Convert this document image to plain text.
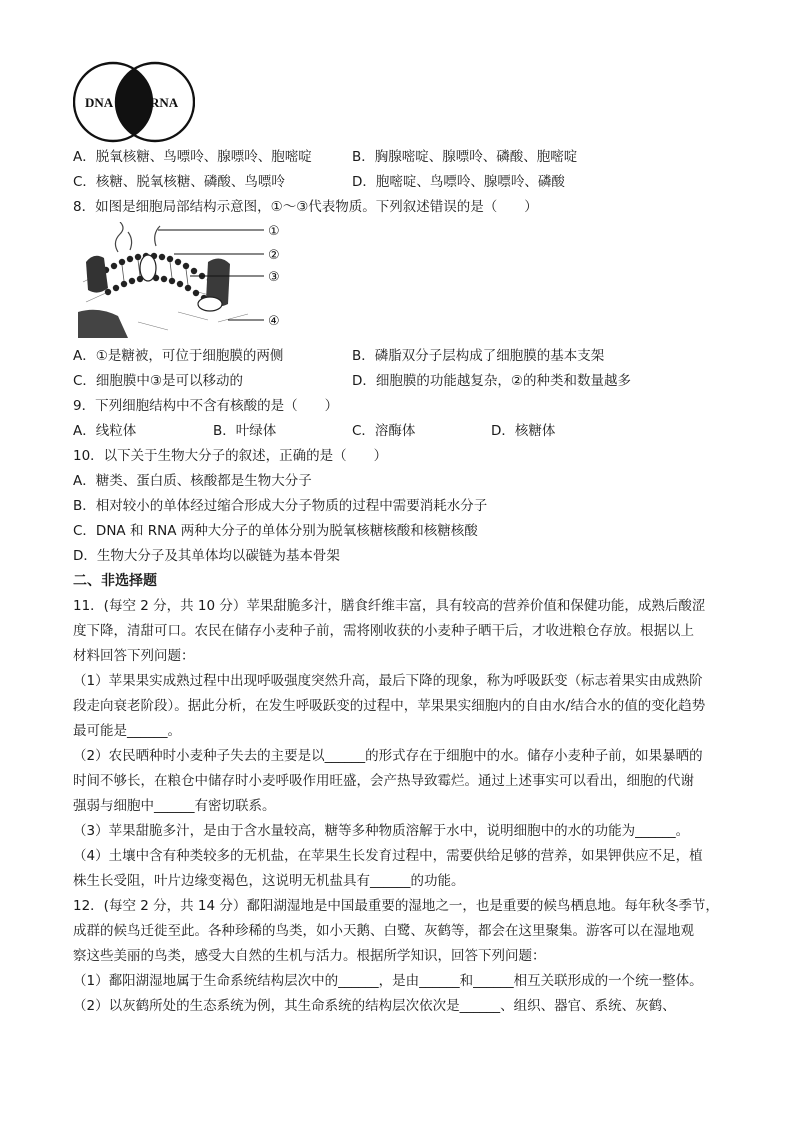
DNA	RNA
A．脱氧核糖、鸟嘌呤、腺嘌呤、胞嘧啶	B．胸腺嘧啶、腺嘌呤、磷酸、胞嘧啶
C．核糖、脱氧核糖、磷酸、鸟嘌呤	D．胞嘧啶、鸟嘌呤、腺嘌呤、磷酸
8．如图是细胞局部结构示意图，①～③代表物质。下列叙述错误的是（　　）
①
②
③
④
A．①是糖被，可位于细胞膜的两侧	B．磷脂双分子层构成了细胞膜的基本支架
C．细胞膜中③是可以移动的	D．细胞膜的功能越复杂，②的种类和数量越多
9．下列细胞结构中不含有核酸的是（　　）
A．线粒体	B．叶绿体	C．溶酶体	D．核糖体
10．以下关于生物大分子的叙述，正确的是（　　）
A．糖类、蛋白质、核酸都是生物大分子
B．相对较小的单体经过缩合形成大分子物质的过程中需要消耗水分子
C．DNA 和 RNA 两种大分子的单体分别为脱氧核糖核酸和核糖核酸
D．生物大分子及其单体均以碳链为基本骨架
二、非选择题
11．(每空 2 分，共 10 分）苹果甜脆多汁，膳食纤维丰富，具有较高的营养价值和保健功能，成熟后酸涩
度下降，清甜可口。农民在储存小麦种子前，需将刚收获的小麦种子晒干后，才收进粮仓存放。根据以上
材料回答下列问题：
（1）苹果果实成熟过程中出现呼吸强度突然升高，最后下降的现象，称为呼吸跃变（标志着果实由成熟阶
段走向衰老阶段）。据此分析，在发生呼吸跃变的过程中，苹果果实细胞内的自由水/结合水的值的变化趋势
最可能是______。
（2）农民晒种时小麦种子失去的主要是以______的形式存在于细胞中的水。储存小麦种子前，如果暴晒的
时间不够长，在粮仓中储存时小麦呼吸作用旺盛，会产热导致霉烂。通过上述事实可以看出，细胞的代谢
强弱与细胞中______有密切联系。
（3）苹果甜脆多汁，是由于含水量较高，糖等多种物质溶解于水中，说明细胞中的水的功能为______。
（4）土壤中含有种类较多的无机盐，在苹果生长发育过程中，需要供给足够的营养，如果钾供应不足，植
株生长受阻，叶片边缘变褐色，这说明无机盐具有______的功能。
12．(每空 2 分，共 14 分）鄱阳湖湿地是中国最重要的湿地之一，也是重要的候鸟栖息地。每年秋冬季节，
成群的候鸟迁徙至此。各种珍稀的鸟类，如小天鹅、白鹭、灰鹤等，都会在这里聚集。游客可以在湿地观
察这些美丽的鸟类，感受大自然的生机与活力。根据所学知识，回答下列问题：
（1）鄱阳湖湿地属于生命系统结构层次中的______，是由______和______相互关联形成的一个统一整体。
（2）以灰鹤所处的生态系统为例，其生命系统的结构层次依次是______、组织、器官、系统、灰鹤、
